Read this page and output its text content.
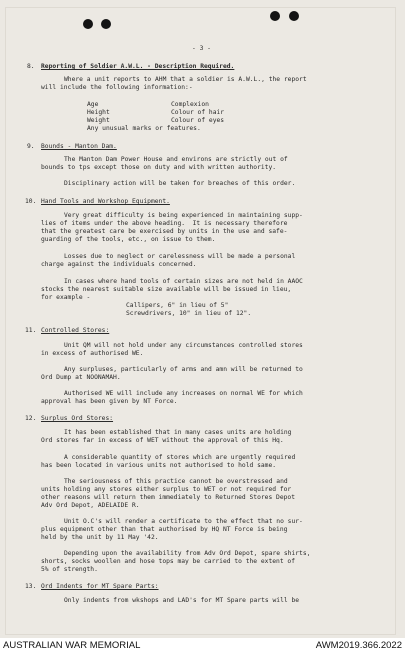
- 3 -
8. Reporting of Soldier A.W.L. - Description Required.
Where a unit reports to AHM that a soldier is A.W.L., the report
will include the following information:-
Age	Complexion
Height	Colour of hair
Weight	Colour of eyes
Any unusual marks or features.
9. Bounds - Manton Dam.
The Manton Dam Power House and environs are strictly out of
bounds to tps except those on duty and with written authority.
Disciplinary action will be taken for breaches of this order.
10. Hand Tools and Workshop Equipment.
Very great difficulty is being experienced in maintaining supp-
lies of items under the above heading.  It is necessary therefore
that the greatest care be exercised by units in the use and safe-
guarding of the tools, etc., on issue to them.
Losses due to neglect or carelessness will be made a personal
charge against the individuals concerned.
In cases where hand tools of certain sizes are not held in AAOC
stocks the nearest suitable size available will be issued in lieu,
for example -
Callipers, 6" in lieu of 5"
Screwdrivers, 10" in lieu of 12".
11. Controlled Stores:
Unit QM will not hold under any circumstances controlled stores
in excess of authorised WE.
Any surpluses, particularly of arms and amn will be returned to
Ord Dump at NOONAMAH.
Authorised WE will include any increases on normal WE for which
approval has been given by NT Force.
12. Surplus Ord Stores:
It has been established that in many cases units are holding
Ord stores far in excess of WET without the approval of this Hq.
A considerable quantity of stores which are urgently required
has been located in various units not authorised to hold same.
The seriousness of this practice cannot be overstressed and
units holding any stores either surplus to WET or not required for
other reasons will return them immediately to Returned Stores Depot
Adv Ord Depot, ADELAIDE R.
Unit O.C's will render a certificate to the effect that no sur-
plus equipment other than that authorised by HQ NT Force is being
held by the unit by 11 May '42.
Depending upon the availability from Adv Ord Depot, spare shirts,
shorts, socks woollen and hose tops may be carried to the extent of
5% of strength.
13. Ord Indents for MT Spare Parts:
Only indents from wkshops and LAD's for MT Spare parts will be
AUSTRALIAN WAR MEMORIAL	AWM2019.366.2022
